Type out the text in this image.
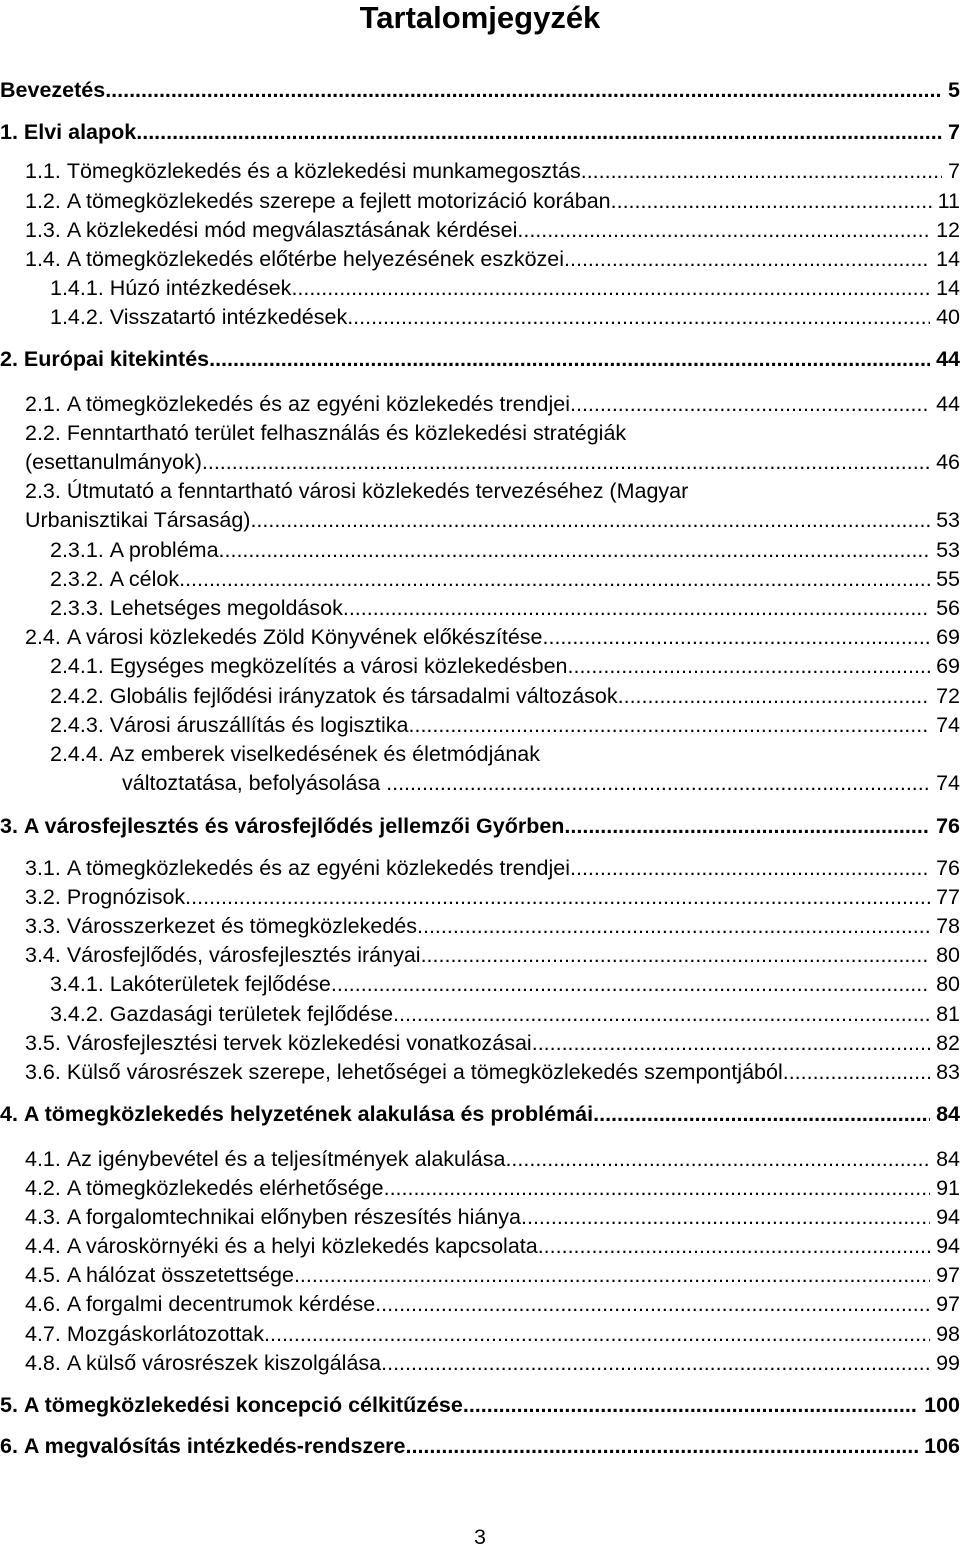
Tartalomjegyzék
Bevezetés .....	5
1. Elvi alapok .....	7
1.1. Tömegközlekedés és a közlekedési munkamegosztás .....	7
1.2. A tömegközlekedés szerepe a fejlett motorizáció korában .....	11
1.3. A közlekedési mód megválasztásának kérdései .....	12
1.4. A tömegközlekedés előtérbe helyezésének eszközei .....	14
1.4.1. Húzó intézkedések .....	14
1.4.2. Visszatartó intézkedések .....	40
2. Európai kitekintés .....	44
2.1. A tömegközlekedés és az egyéni közlekedés trendjei .....	44
2.2. Fenntartható terület felhasználás és közlekedési stratégiák
(esettanulmányok) .....	46
2.3. Útmutató a fenntartható városi közlekedés tervezéséhez (Magyar
Urbanisztikai Társaság) .....	53
2.3.1. A probléma .....	53
2.3.2. A célok .....	55
2.3.3. Lehetséges megoldások .....	56
2.4. A városi közlekedés Zöld Könyvének előkészítése .....	69
2.4.1. Egységes megközelítés a városi közlekedésben .....	69
2.4.2. Globális fejlődési irányzatok és társadalmi változások .....	72
2.4.3. Városi áruszállítás és logisztika .....	74
2.4.4. Az emberek viselkedésének és életmódjának
változtatása, befolyásolása .....	74
3. A városfejlesztés és városfejlődés jellemzői Győrben .....	76
3.1. A tömegközlekedés és az egyéni közlekedés trendjei .....	76
3.2. Prognózisok .....	77
3.3. Városszerkezet és tömegközlekedés .....	78
3.4. Városfejlődés, városfejlesztés irányai .....	80
3.4.1. Lakóterületek fejlődése .....	80
3.4.2. Gazdasági területek fejlődése .....	81
3.5. Városfejlesztési tervek közlekedési vonatkozásai .....	82
3.6. Külső városrészek szerepe, lehetőségei a tömegközlekedés szempontjából .....	83
4. A tömegközlekedés helyzetének alakulása és problémái .....	84
4.1. Az igénybevétel és a teljesítmények alakulása .....	84
4.2. A tömegközlekedés elérhetősége .....	91
4.3. A forgalomtechnikai előnyben részesítés hiánya .....	94
4.4. A városkörnyéki és a helyi közlekedés kapcsolata .....	94
4.5. A hálózat összetettsége .....	97
4.6. A forgalmi decentrumok kérdése .....	97
4.7. Mozgáskorlátozottak .....	98
4.8. A külső városrészek kiszolgálása .....	99
5. A tömegközlekedési koncepció célkitűzése .....	100
6. A megvalósítás intézkedés-rendszere .....	106
3
